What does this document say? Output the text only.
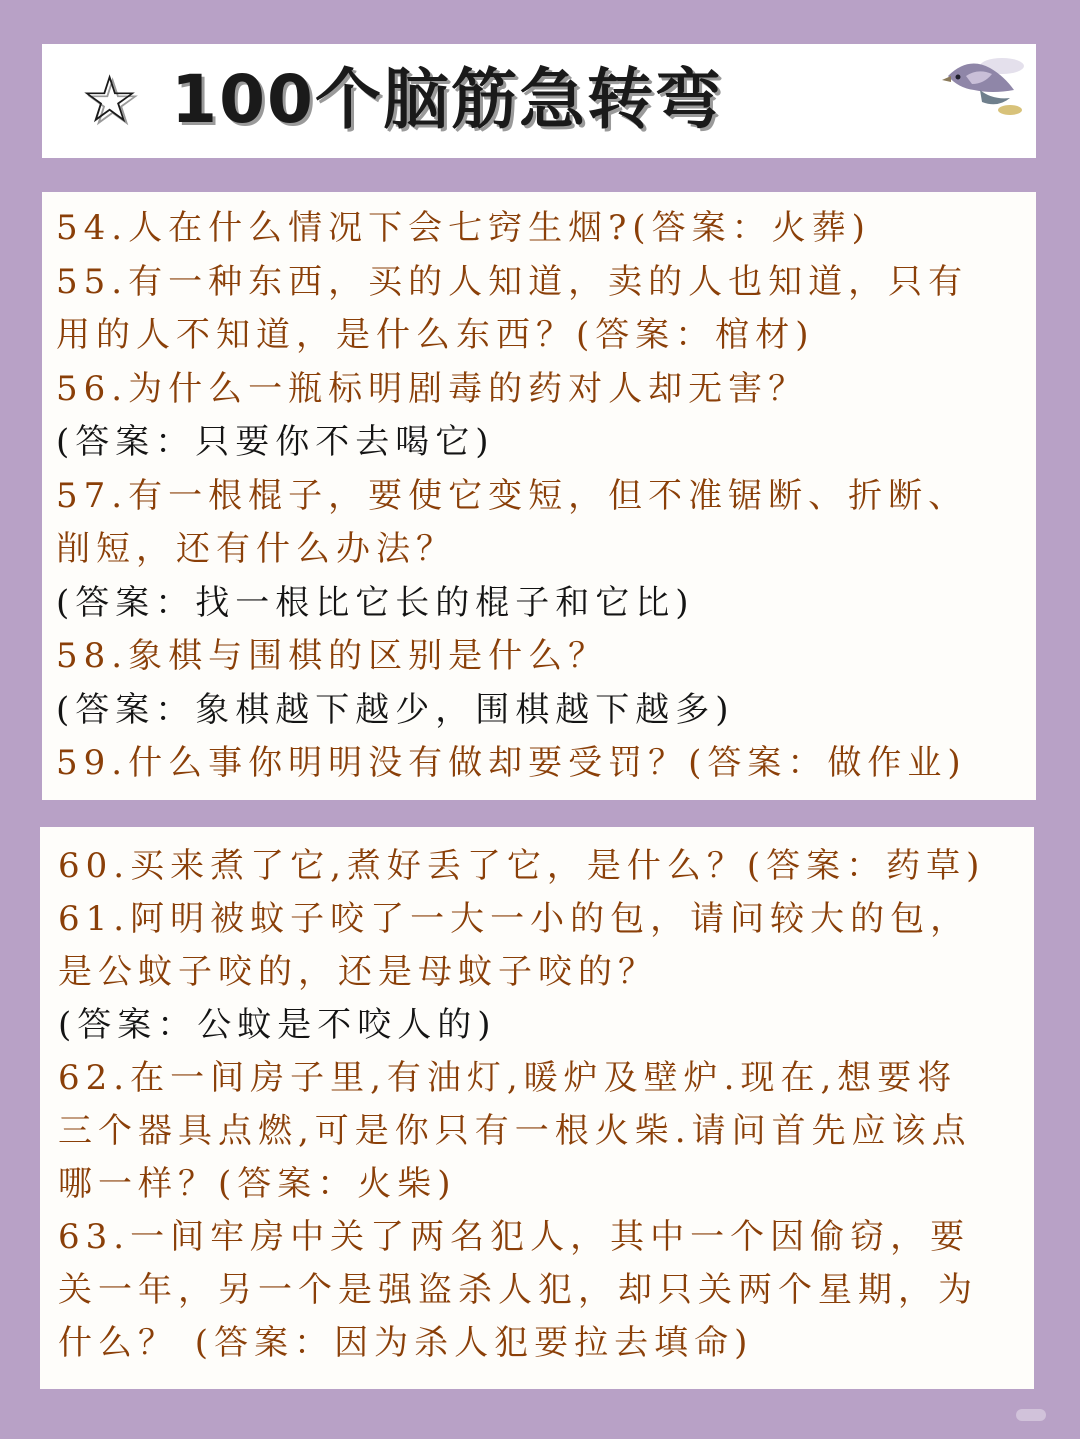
☆ 100个脑筋急转弯
54.人在什么情况下会七窍生烟?(答案：火葬)
55.有一种东西，买的人知道，卖的人也知道，只有
用的人不知道，是什么东西？(答案：棺材)
56.为什么一瓶标明剧毒的药对人却无害？
(答案：只要你不去喝它)
57.有一根棍子，要使它变短，但不准锯断、折断、
削短，还有什么办法？
(答案：找一根比它长的棍子和它比)
58.象棋与围棋的区别是什么？
(答案：象棋越下越少，围棋越下越多)
59.什么事你明明没有做却要受罚？(答案：做作业)
60.买来煮了它,煮好丢了它，是什么？(答案：药草)
61.阿明被蚊子咬了一大一小的包，请问较大的包，
是公蚊子咬的，还是母蚊子咬的？
(答案：公蚊是不咬人的)
62.在一间房子里,有油灯,暖炉及壁炉.现在,想要将
三个器具点燃,可是你只有一根火柴.请问首先应该点
哪一样？(答案：火柴)
63.一间牢房中关了两名犯人，其中一个因偷窃，要
关一年，另一个是强盗杀人犯，却只关两个星期，为
什么？ (答案：因为杀人犯要拉去填命)
